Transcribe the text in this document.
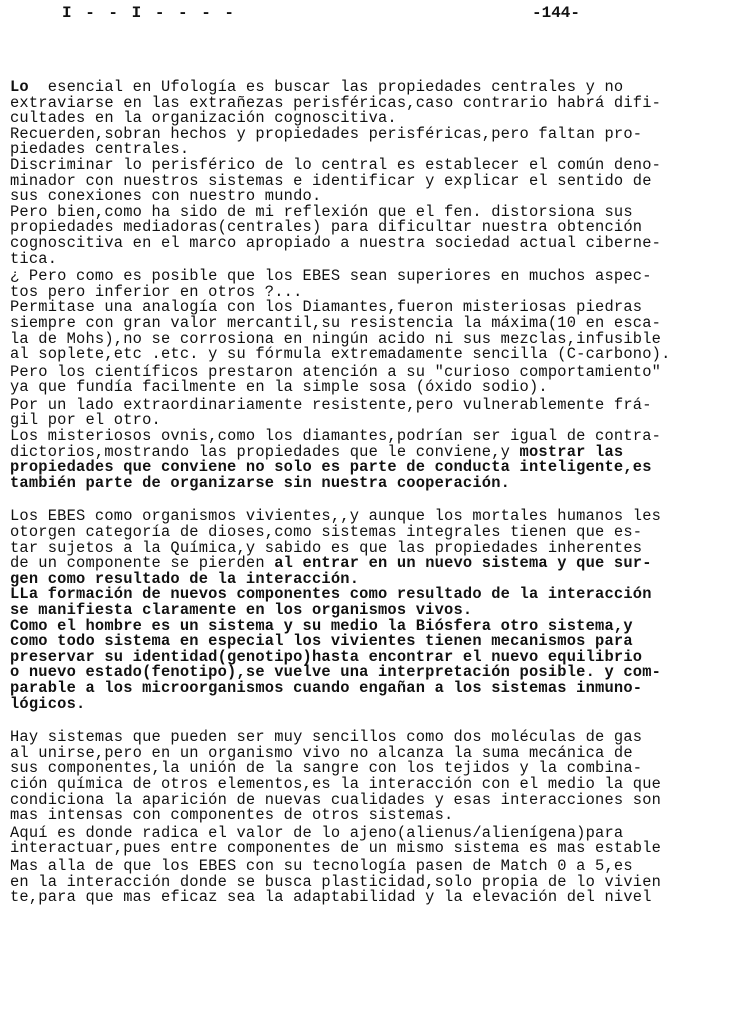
I - - I - - - -	-144-
Lo  esencial en Ufología es buscar las propiedades centrales y no
extraviarse en las extrañezas perisféricas,caso contrario habrá difi-
cultades en la organización cognoscitiva.
Recuerden,sobran hechos y propiedades perisféricas,pero faltan pro-
piedades centrales.
Discriminar lo perisférico de lo central es establecer el común deno-
minador con nuestros sistemas e identificar y explicar el sentido de
sus conexiones con nuestro mundo.
Pero bien,como ha sido de mi reflexión que el fen. distorsiona sus
propiedades mediadoras(centrales) para dificultar nuestra obtención
cognoscitiva en el marco apropiado a nuestra sociedad actual ciberne-
tica.
¿ Pero como es posible que los EBES sean superiores en muchos aspec-
tos pero inferior en otros ?...
Permitase una analogía con los Diamantes,fueron misteriosas piedras
siempre con gran valor mercantil,su resistencia la máxima(10 en esca-
la de Mohs),no se corrosiona en ningún acido ni sus mezclas,infusible
al soplete,etc .etc. y su fórmula extremadamente sencilla (C-carbono).
Pero los científicos prestaron atención a su "curioso comportamiento"
ya que fundía facilmente en la simple sosa (óxido sodio).
Por un lado extraordinariamente resistente,pero vulnerablemente frá-
gil por el otro.
Los misteriosos ovnis,como los diamantes,podrían ser igual de contra-
dictorios,mostrando las propiedades que le conviene,y mostrar las
propiedades que conviene no solo es parte de conducta inteligente,es
también parte de organizarse sin nuestra cooperación.
Los EBES como organismos vivientes,,y aunque los mortales humanos les
otorgen categoría de dioses,como sistemas integrales tienen que es-
tar sujetos a la Química,y sabido es que las propiedades inherentes
de un componente se pierden al entrar en un nuevo sistema y que sur-
gen como resultado de la interacción.
LLa formación de nuevos componentes como resultado de la interacción
se manifiesta claramente en los organismos vivos.
Como el hombre es un sistema y su medio la Biósfera otro sistema,y
como todo sistema en especial los vivientes tienen mecanismos para
preservar su identidad(genotipo)hasta encontrar el nuevo equilibrio
o nuevo estado(fenotipo),se vuelve una interpretación posible. y com-
parable a los microorganismos cuando engañan a los sistemas inmuno-
lógicos.
Hay sistemas que pueden ser muy sencillos como dos moléculas de gas
al unirse,pero en un organismo vivo no alcanza la suma mecánica de
sus componentes,la unión de la sangre con los tejidos y la combina-
ción química de otros elementos,es la interacción con el medio la que
condiciona la aparición de nuevas cualidades y esas interacciones son
mas intensas con componentes de otros sistemas.
Aquí es donde radica el valor de lo ajeno(alienus/alienígena)para
interactuar,pues entre componentes de un mismo sistema es mas estable
Mas alla de que los EBES con su tecnología pasen de Match 0 a 5,es
en la interacción donde se busca plasticidad,solo propia de lo vivien
te,para que mas eficaz sea la adaptabilidad y la elevación del nivel
